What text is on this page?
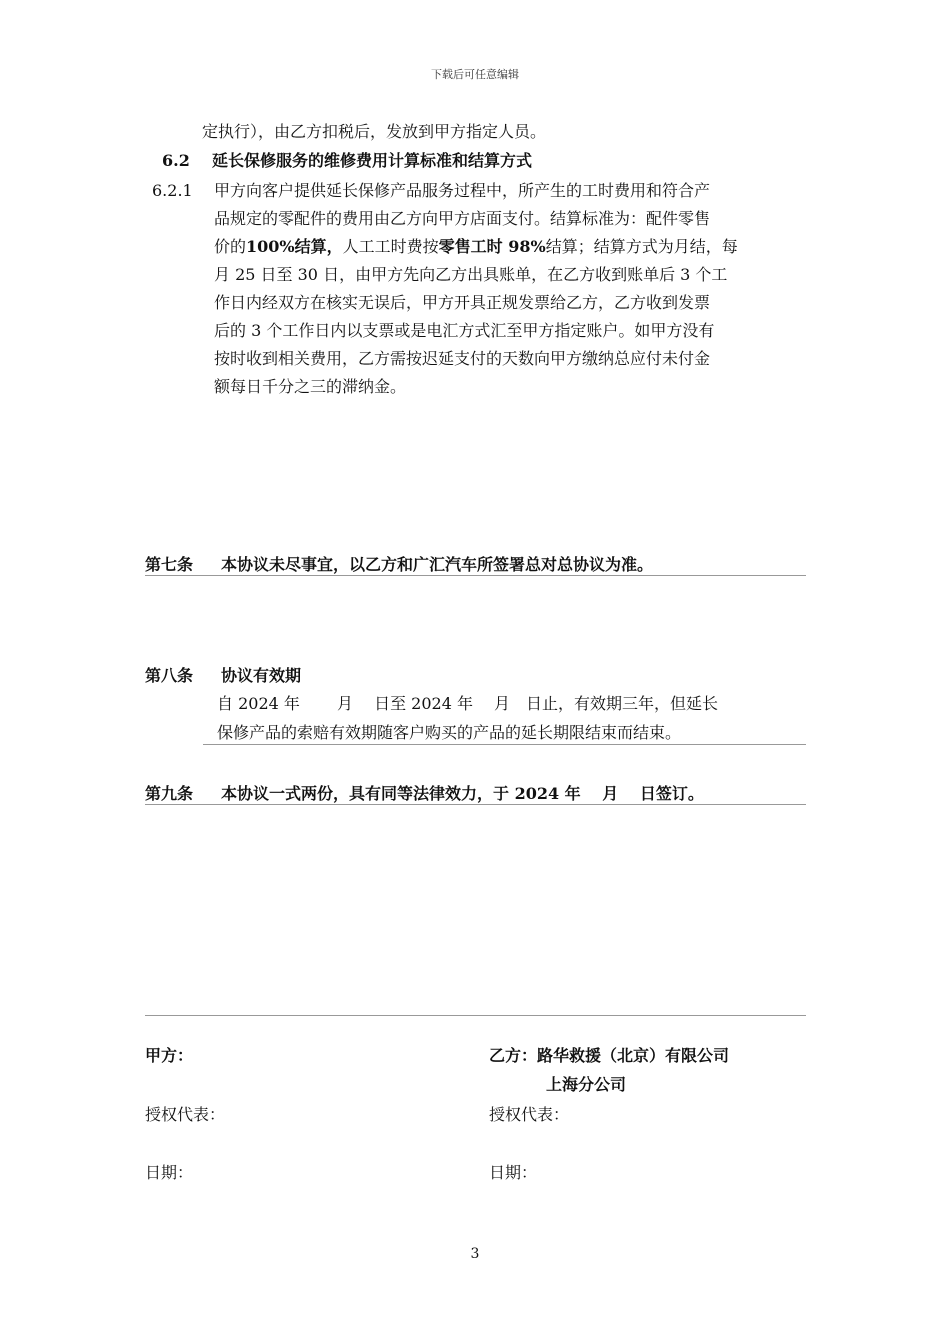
下载后可任意编辑
定执行），由乙方扣税后，发放到甲方指定人员。
6.2 延长保修服务的维修费用计算标准和结算方式
6.2.1 甲方向客户提供延长保修产品服务过程中，所产生的工时费用和符合产
品规定的零配件的费用由乙方向甲方店面支付。结算标准为：配件零售
价的100%结算，人工工时费按零售工时 98%结算；结算方式为月结，每
月 25 日至 30 日，由甲方先向乙方出具账单，在乙方收到账单后 3 个工
作日内经双方在核实无误后，甲方开具正规发票给乙方，乙方收到发票
后的 3 个工作日内以支票或是电汇方式汇至甲方指定账户。如甲方没有
按时收到相关费用，乙方需按迟延支付的天数向甲方缴纳总应付未付金
额每日千分之三的滞纳金。
第七条 本协议未尽事宜，以乙方和广汇汽车所签署总对总协议为准。
第八条 协议有效期
自 2024 年　　 月　 日至 2024 年　 月　日止，有效期三年，但延长
保修产品的索赔有效期随客户购买的产品的延长期限结束而结束。
第九条 本协议一式两份，具有同等法律效力，于 2024 年　 月　 日签订。
甲方：	乙方：路华救援（北京）有限公司
上海分公司
授权代表：	授权代表：
日期：	日期：
3
